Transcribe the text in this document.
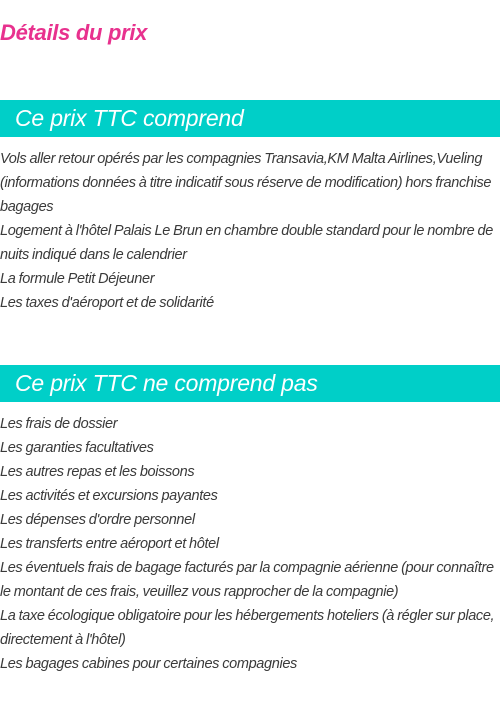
Détails du prix
Ce prix TTC comprend
Vols aller retour opérés par les compagnies Transavia,KM Malta Airlines,Vueling (informations données à titre indicatif sous réserve de modification) hors franchise bagages
Logement à l'hôtel Palais Le Brun en chambre double standard pour le nombre de nuits indiqué dans le calendrier
La formule Petit Déjeuner
Les taxes d'aéroport et de solidarité
Ce prix TTC ne comprend pas
Les frais de dossier
Les garanties facultatives
Les autres repas et les boissons
Les activités et excursions payantes
Les dépenses d'ordre personnel
Les transferts entre aéroport et hôtel
Les éventuels frais de bagage facturés par la compagnie aérienne (pour connaître le montant de ces frais, veuillez vous rapprocher de la compagnie)
La taxe écologique obligatoire pour les hébergements hoteliers (à régler sur place, directement à l'hôtel)
Les bagages cabines pour certaines compagnies
